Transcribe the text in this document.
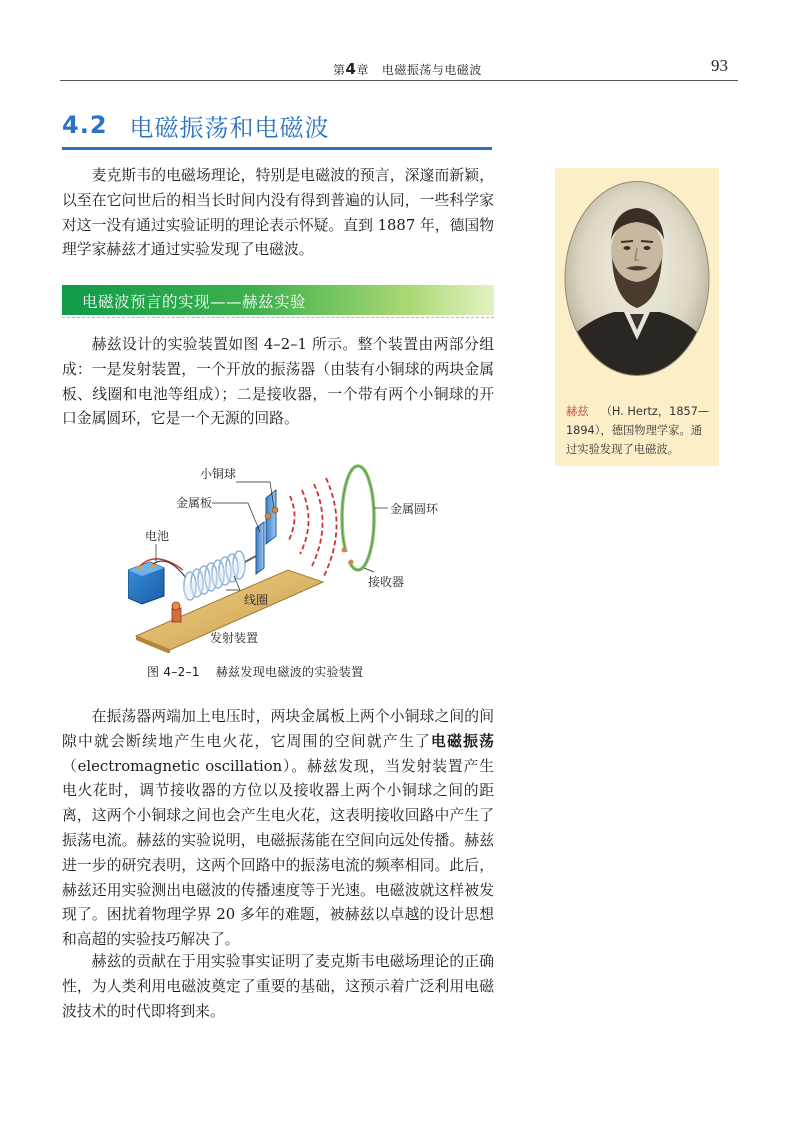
第4章 电磁振荡与电磁波	93
4.2 电磁振荡和电磁波

麦克斯韦的电磁场理论，特别是电磁波的预言，深邃而新颖，以至在它问世后的相当长时间内没有得到普遍的认同，一些科学家对这一没有通过实验证明的理论表示怀疑。直到 1887 年，德国物理学家赫兹才通过实验发现了电磁波。

电磁波预言的实现——赫兹实验

赫兹设计的实验装置如图 4–2–1 所示。整个装置由两部分组成：一是发射装置，一个开放的振荡器（由装有小铜球的两块金属板、线圈和电池等组成）；二是接收器，一个带有两个小铜球的开口金属圆环，它是一个无源的回路。	赫兹 （H. Hertz，1857—1894），德国物理学家。通过实验发现了电磁波。
小铜球
金属板
电池
金属圆环
接收器
线圈
发射装置
图 4–2–1 赫兹发现电磁波的实验装置

在振荡器两端加上电压时，两块金属板上两个小铜球之间的间隙中就会断续地产生电火花，它周围的空间就产生了电磁振荡（electromagnetic oscillation）。赫兹发现，当发射装置产生电火花时，调节接收器的方位以及接收器上两个小铜球之间的距离，这两个小铜球之间也会产生电火花，这表明接收回路中产生了振荡电流。赫兹的实验说明，电磁振荡能在空间向远处传播。赫兹进一步的研究表明，这两个回路中的振荡电流的频率相同。此后，赫兹还用实验测出电磁波的传播速度等于光速。电磁波就这样被发现了。困扰着物理学界 20 多年的难题，被赫兹以卓越的设计思想和高超的实验技巧解决了。

赫兹的贡献在于用实验事实证明了麦克斯韦电磁场理论的正确性，为人类利用电磁波奠定了重要的基础，这预示着广泛利用电磁波技术的时代即将到来。
